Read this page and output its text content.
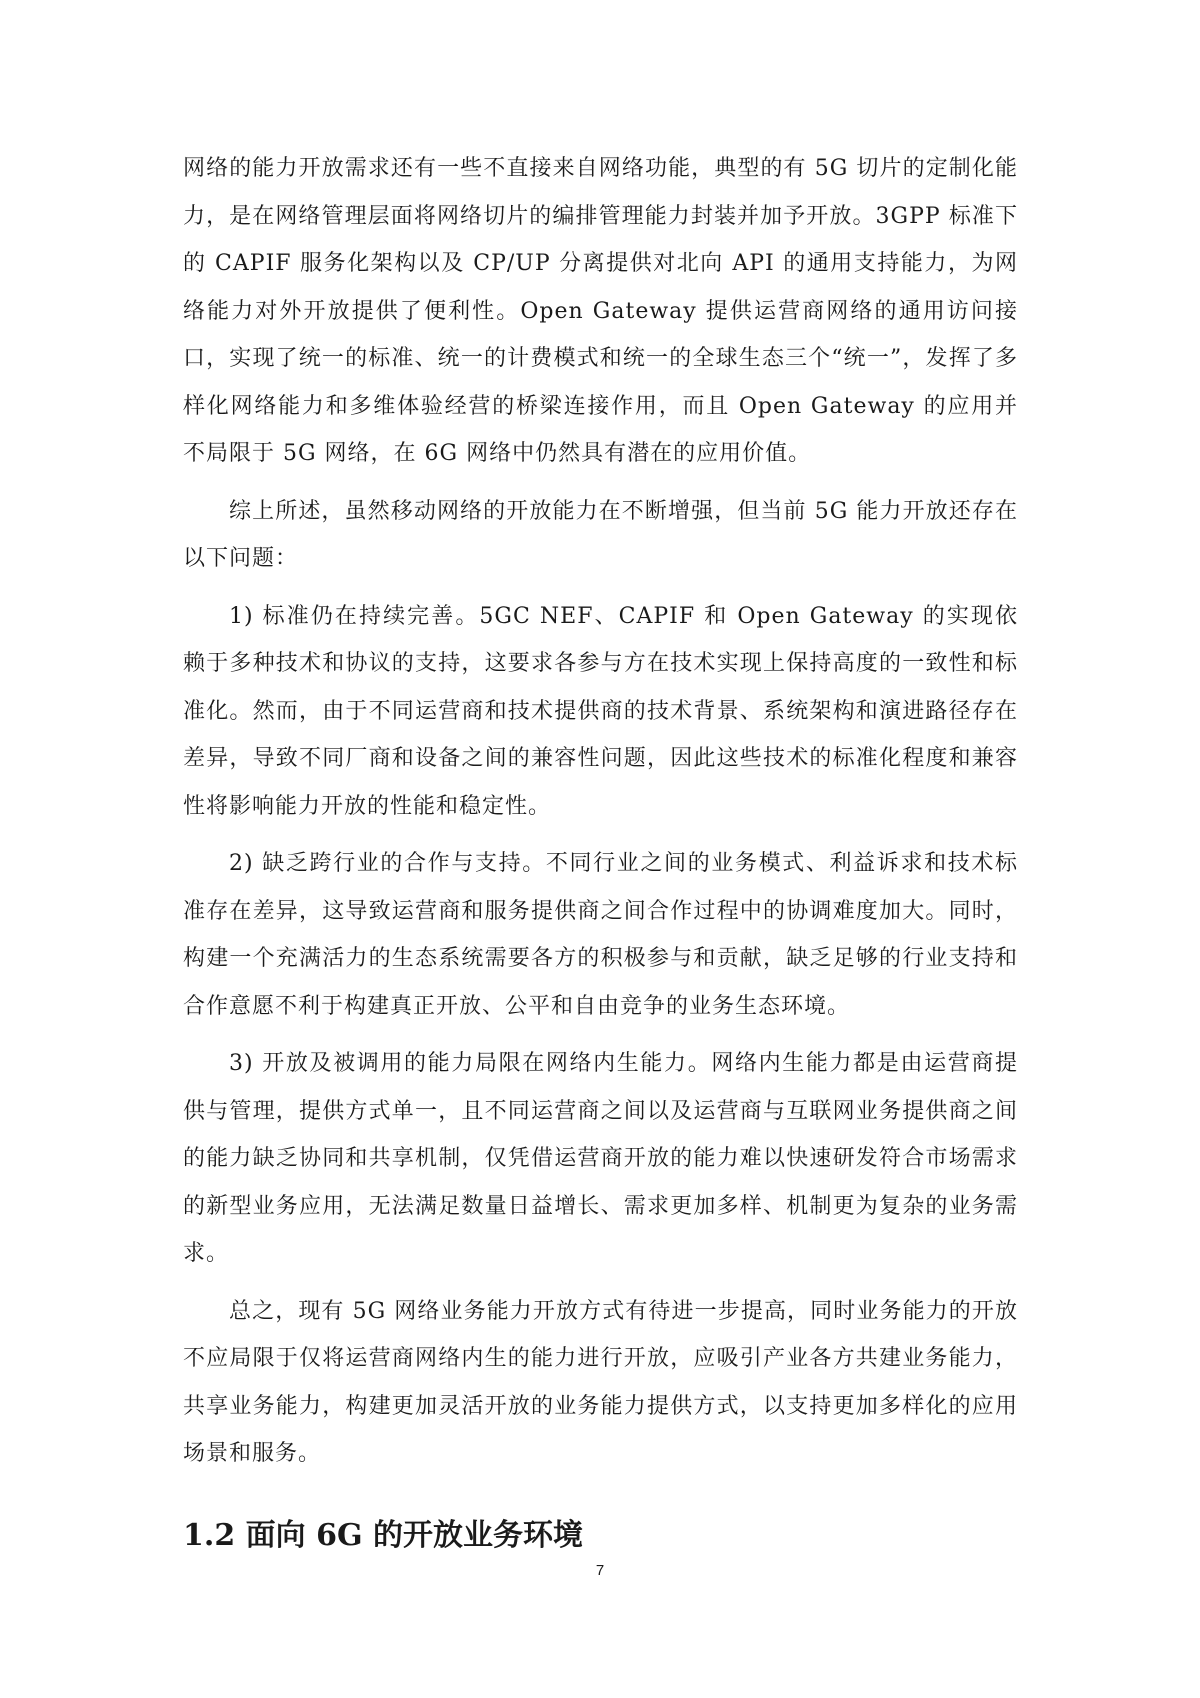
网络的能力开放需求还有一些不直接来自网络功能，典型的有 5G 切片的定制化能力，是在网络管理层面将网络切片的编排管理能力封装并加予开放。3GPP 标准下的 CAPIF 服务化架构以及 CP/UP 分离提供对北向 API 的通用支持能力，为网络能力对外开放提供了便利性。Open Gateway 提供运营商网络的通用访问接口，实现了统一的标准、统一的计费模式和统一的全球生态三个“统一”，发挥了多样化网络能力和多维体验经营的桥梁连接作用，而且 Open Gateway 的应用并不局限于 5G 网络，在 6G 网络中仍然具有潜在的应用价值。

综上所述，虽然移动网络的开放能力在不断增强，但当前 5G 能力开放还存在以下问题：

1) 标准仍在持续完善。5GC NEF、CAPIF 和 Open Gateway 的实现依赖于多种技术和协议的支持，这要求各参与方在技术实现上保持高度的一致性和标准化。然而，由于不同运营商和技术提供商的技术背景、系统架构和演进路径存在差异，导致不同厂商和设备之间的兼容性问题，因此这些技术的标准化程度和兼容性将影响能力开放的性能和稳定性。

2) 缺乏跨行业的合作与支持。不同行业之间的业务模式、利益诉求和技术标准存在差异，这导致运营商和服务提供商之间合作过程中的协调难度加大。同时，构建一个充满活力的生态系统需要各方的积极参与和贡献，缺乏足够的行业支持和合作意愿不利于构建真正开放、公平和自由竞争的业务生态环境。

3) 开放及被调用的能力局限在网络内生能力。网络内生能力都是由运营商提供与管理，提供方式单一，且不同运营商之间以及运营商与互联网业务提供商之间的能力缺乏协同和共享机制，仅凭借运营商开放的能力难以快速研发符合市场需求的新型业务应用，无法满足数量日益增长、需求更加多样、机制更为复杂的业务需求。

总之，现有 5G 网络业务能力开放方式有待进一步提高，同时业务能力的开放不应局限于仅将运营商网络内生的能力进行开放，应吸引产业各方共建业务能力，共享业务能力，构建更加灵活开放的业务能力提供方式，以支持更加多样化的应用场景和服务。

1.2 面向 6G 的开放业务环境
7
